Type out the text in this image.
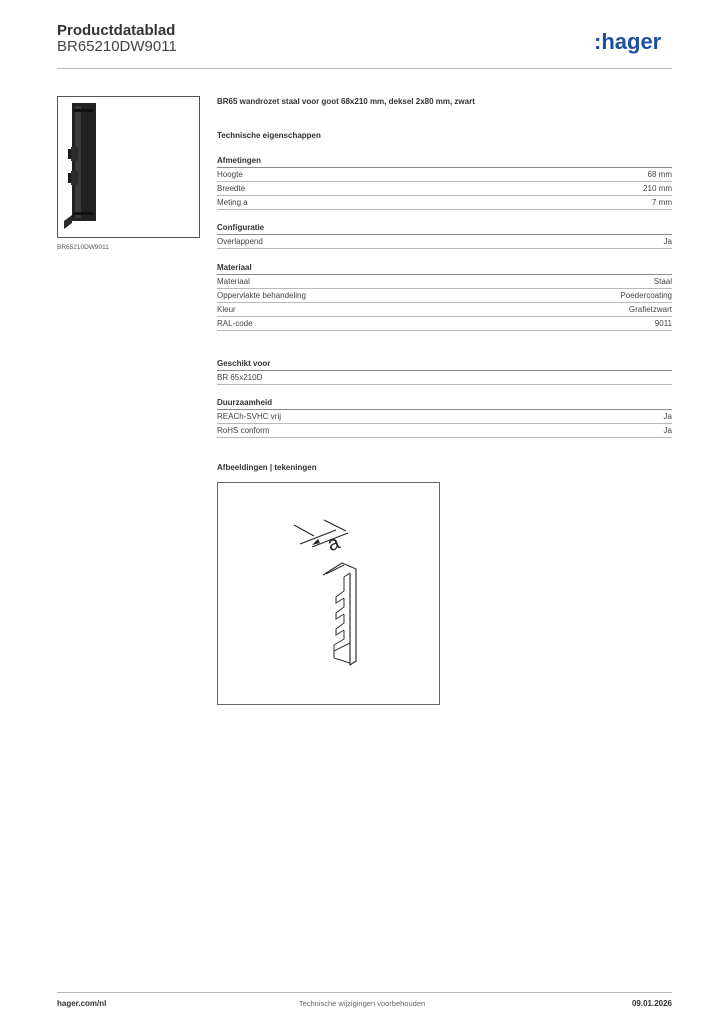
Productdatablad
BR65210DW9011	:hager
BR65210DW9011
BR65 wandrozet staal voor goot 68x210 mm, deksel 2x80 mm, zwart
Technische eigenschappen
Afmetingen
Hoogte	68 mm
Breedte	210 mm
Meting a	7 mm
Configuratie
Overlappend	Ja
Materiaal
Materiaal	Staal
Oppervlakte behandeling	Poedercoating
Kleur	Grafietzwart
RAL-code	9011
Geschikt voor
BR 65x210D
Duurzaamheid
REACh-SVHC vrij	Ja
RoHS conform	Ja
Afbeeldingen | tekeningen
a
hager.com/nl	Technische wijzigingen voorbehouden	09.01.2026
